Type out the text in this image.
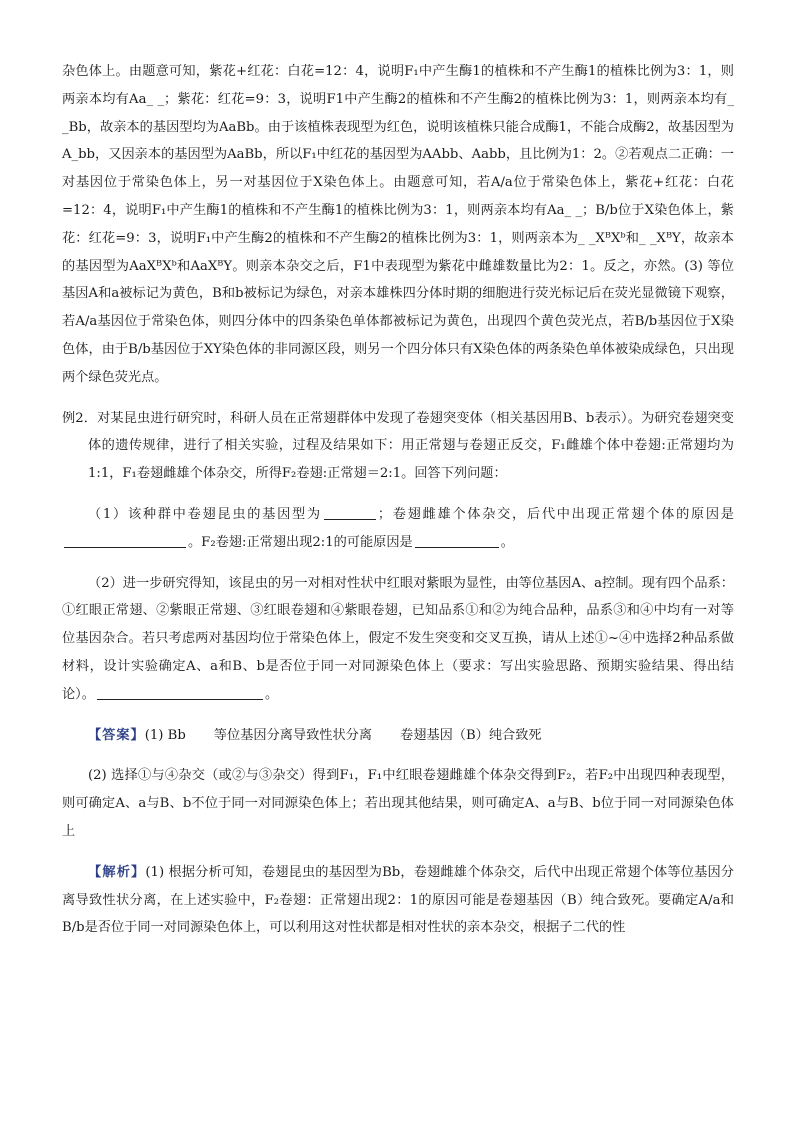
杂色体上。由题意可知，紫花+红花：白花=12：4，说明F₁中产生酶1的植株和不产生酶1的植株比例为3：1，则两亲本均有Aa_ _；紫花：红花=9：3，说明F1中产生酶2的植株和不产生酶2的植株比例为3：1，则两亲本均有_ _Bb，故亲本的基因型均为AaBb。由于该植株表现型为红色，说明该植株只能合成酶1，不能合成酶2，故基因型为A_bb，又因亲本的基因型为AaBb，所以F₁中红花的基因型为AAbb、Aabb，且比例为1：2。②若观点二正确：一对基因位于常染色体上，另一对基因位于X染色体上。由题意可知，若A/a位于常染色体上，紫花+红花：白花=12：4，说明F₁中产生酶1的植株和不产生酶1的植株比例为3：1，则两亲本均有Aa_ _；B/b位于X染色体上，紫花：红花=9：3，说明F₁中产生酶2的植株和不产生酶2的植株比例为3：1，则两亲本为_ _XᴮXᵇ和_ _XᴮY，故亲本的基因型为AaXᴮXᵇ和AaXᴮY。则亲本杂交之后，F1中表现型为紫花中雌雄数量比为2：1。反之，亦然。(3) 等位基因A和a被标记为黄色，B和b被标记为绿色，对亲本雄株四分体时期的细胞进行荧光标记后在荧光显微镜下观察，若A/a基因位于常染色体，则四分体中的四条染色单体都被标记为黄色，出现四个黄色荧光点，若B/b基因位于X染色体，由于B/b基因位于XY染色体的非同源区段，则另一个四分体只有X染色体的两条染色单体被染成绿色，只出现两个绿色荧光点。

例2．对某昆虫进行研究时，科研人员在正常翅群体中发现了卷翅突变体（相关基因用B、b表示）。为研究卷翅突变体的遗传规律，进行了相关实验，过程及结果如下：用正常翅与卷翅正反交，F₁雌雄个体中卷翅:正常翅均为1:1，F₁卷翅雌雄个体杂交，所得F₂卷翅:正常翅＝2:1。回答下列问题：

（1）该种群中卷翅昆虫的基因型为	；卷翅雌雄个体杂交，后代中出现正常翅个体的原因是。F₂卷翅:正常翅出现2:1的可能原因是	。

（2）进一步研究得知，该昆虫的另一对相对性状中红眼对紫眼为显性，由等位基因A、a控制。现有四个品系：①红眼正常翅、②紫眼正常翅、③红眼卷翅和④紫眼卷翅，已知品系①和②为纯合品种，品系③和④中均有一对等位基因杂合。若只考虑两对基因均位于常染色体上，假定不发生突变和交叉互换，请从上述①~④中选择2种品系做材料，设计实验确定A、a和B、b是否位于同一对同源染色体上（要求：写出实验思路、预期实验结果、得出结论）。	。

【答案】(1) Bb 等位基因分离导致性状分离 卷翅基因（B）纯合致死

(2) 选择①与④杂交（或②与③杂交）得到F₁，F₁中红眼卷翅雌雄个体杂交得到F₂，若F₂中出现四种表现型，则可确定A、a与B、b不位于同一对同源染色体上；若出现其他结果，则可确定A、a与B、b位于同一对同源染色体上

【解析】(1) 根据分析可知，卷翅昆虫的基因型为Bb，卷翅雌雄个体杂交，后代中出现正常翅个体等位基因分离导致性状分离，在上述实验中，F₂卷翅：正常翅出现2：1的原因可能是卷翅基因（B）纯合致死。要确定A/a和B/b是否位于同一对同源染色体上，可以利用这对性状都是相对性状的亲本杂交，根据子二代的性
